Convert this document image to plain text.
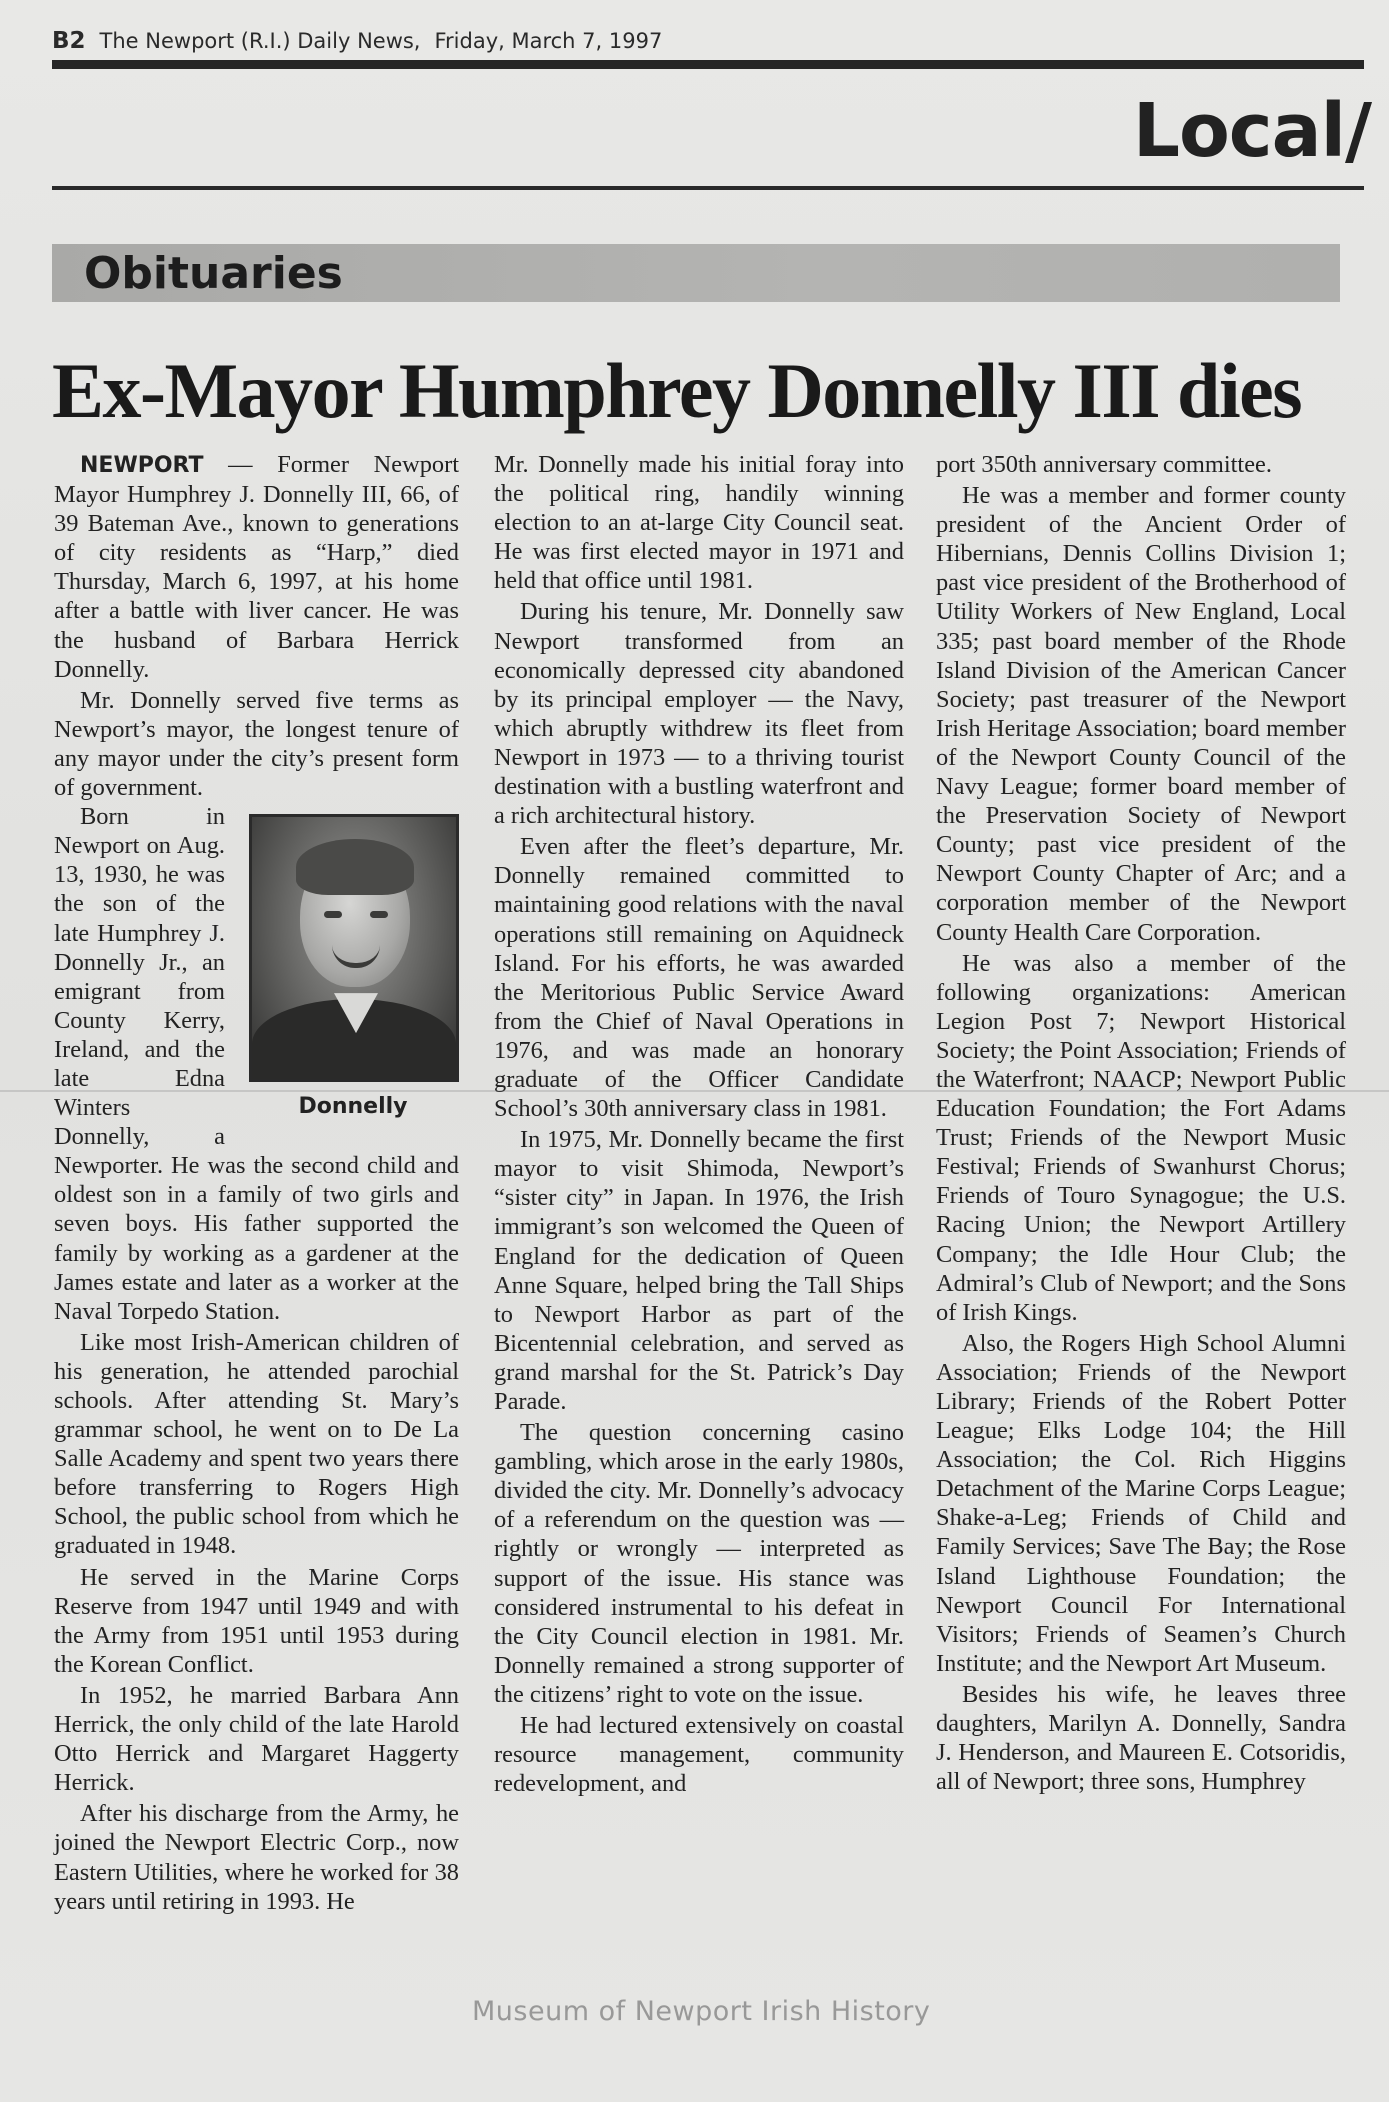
B2 The Newport (R.I.) Daily News, Friday, March 7, 1997
Local/
Obituaries
Ex-Mayor Humphrey Donnelly III dies

NEWPORT — Former Newport Mayor Humphrey J. Donnelly III, 66, of 39 Bateman Ave., known to generations of city residents as “Harp,” died Thursday, March 6, 1997, at his home after a battle with liver cancer. He was the husband of Barbara Herrick Donnelly.

Mr. Donnelly served five terms as Newport’s mayor, the longest tenure of any mayor under the city’s present form of government.

Donnelly

Born in Newport on Aug. 13, 1930, he was the son of the late Humphrey J. Donnelly Jr., an emigrant from County Kerry, Ireland, and the late Edna Winters Donnelly, a Newporter. He was the second child and oldest son in a family of two girls and seven boys. His father supported the family by working as a gardener at the James estate and later as a worker at the Naval Torpedo Station.

Like most Irish-American children of his generation, he attended parochial schools. After attending St. Mary’s grammar school, he went on to De La Salle Academy and spent two years there before transferring to Rogers High School, the public school from which he graduated in 1948.

He served in the Marine Corps Reserve from 1947 until 1949 and with the Army from 1951 until 1953 during the Korean Conflict.

In 1952, he married Barbara Ann Herrick, the only child of the late Harold Otto Herrick and Margaret Haggerty Herrick.

After his discharge from the Army, he joined the Newport Electric Corp., now Eastern Utilities, where he worked for 38 years until retiring in 1993. He

Mr. Donnelly made his initial foray into the political ring, handily winning election to an at-large City Council seat. He was first elected mayor in 1971 and held that office until 1981.

During his tenure, Mr. Donnelly saw Newport transformed from an economically depressed city abandoned by its principal employer — the Navy, which abruptly withdrew its fleet from Newport in 1973 — to a thriving tourist destination with a bustling waterfront and a rich architectural history.

Even after the fleet’s departure, Mr. Donnelly remained committed to maintaining good relations with the naval operations still remaining on Aquidneck Island. For his efforts, he was awarded the Meritorious Public Service Award from the Chief of Naval Operations in 1976, and was made an honorary graduate of the Officer Candidate School’s 30th anniversary class in 1981.

In 1975, Mr. Donnelly became the first mayor to visit Shimoda, Newport’s “sister city” in Japan. In 1976, the Irish immigrant’s son welcomed the Queen of England for the dedication of Queen Anne Square, helped bring the Tall Ships to Newport Harbor as part of the Bicentennial celebration, and served as grand marshal for the St. Patrick’s Day Parade.

The question concerning casino gambling, which arose in the early 1980s, divided the city. Mr. Donnelly’s advocacy of a referendum on the question was — rightly or wrongly — interpreted as support of the issue. His stance was considered instrumental to his defeat in the City Council election in 1981. Mr. Donnelly remained a strong supporter of the citizens’ right to vote on the issue.

He had lectured extensively on coastal resource management, community redevelopment, and

port 350th anniversary committee.

He was a member and former county president of the Ancient Order of Hibernians, Dennis Collins Division 1; past vice president of the Brotherhood of Utility Workers of New England, Local 335; past board member of the Rhode Island Division of the American Cancer Society; past treasurer of the Newport Irish Heritage Association; board member of the Newport County Council of the Navy League; former board member of the Preservation Society of Newport County; past vice president of the Newport County Chapter of Arc; and a corporation member of the Newport County Health Care Corporation.

He was also a member of the following organizations: American Legion Post 7; Newport Historical Society; the Point Association; Friends of the Waterfront; NAACP; Newport Public Education Foundation; the Fort Adams Trust; Friends of the Newport Music Festival; Friends of Swanhurst Chorus; Friends of Touro Synagogue; the U.S. Racing Union; the Newport Artillery Company; the Idle Hour Club; the Admiral’s Club of Newport; and the Sons of Irish Kings.

Also, the Rogers High School Alumni Association; Friends of the Newport Library; Friends of the Robert Potter League; Elks Lodge 104; the Hill Association; the Col. Rich Higgins Detachment of the Marine Corps League; Shake-a-Leg; Friends of Child and Family Services; Save The Bay; the Rose Island Lighthouse Foundation; the Newport Council For International Visitors; Friends of Seamen’s Church Institute; and the Newport Art Museum.

Besides his wife, he leaves three daughters, Marilyn A. Donnelly, Sandra J. Henderson, and Maureen E. Cotsoridis, all of Newport; three sons, Humphrey

Museum of Newport Irish History
